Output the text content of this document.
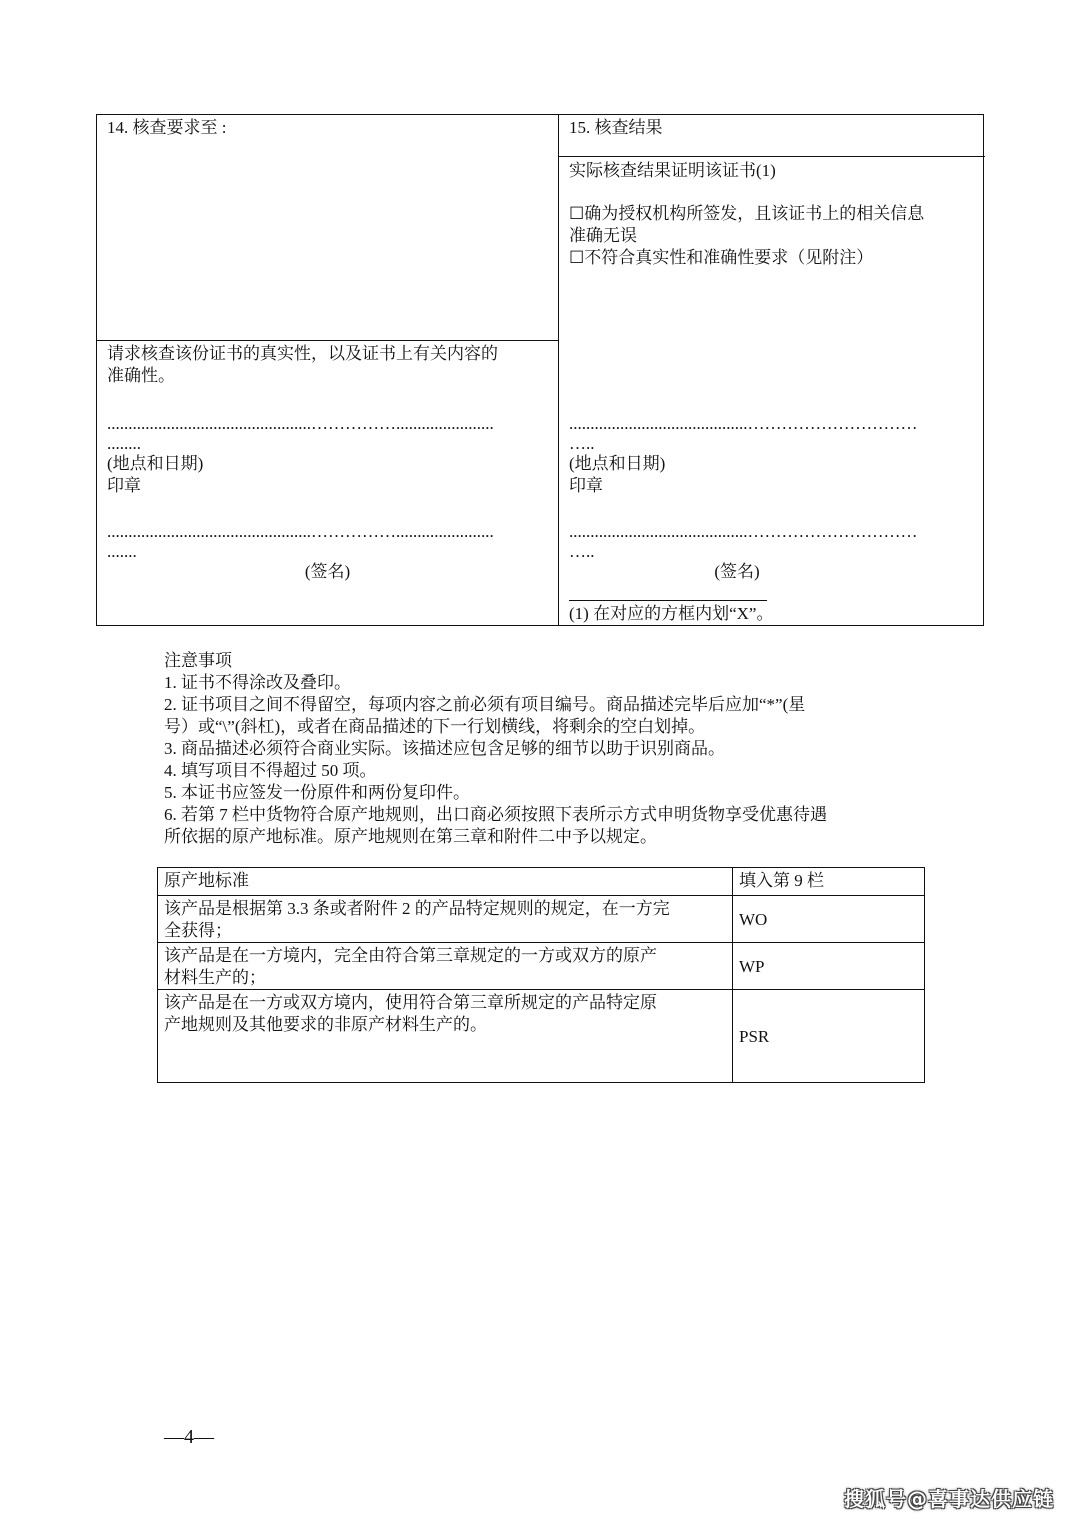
14. 核查要求至 :
请求核查该份证书的真实性，以及证书上有关内容的
准确性。
................................................…………….......................
........
(地点和日期)
印章
................................................…………….......................
.......
(签名)
15. 核查结果
实际核查结果证明该证书(1)
☐确为授权机构所签发，且该证书上的相关信息
准确无误
☐不符合真实性和准确性要求（见附注）
..........................................…………………………
…..
(地点和日期)
印章
..........................................…………………………
…..
(签名)
(1) 在对应的方框内划“X”。
注意事项
1. 证书不得涂改及叠印。
2. 证书项目之间不得留空，每项内容之前必须有项目编号。商品描述完毕后应加“*”(星
号）或“\”(斜杠)，或者在商品描述的下一行划横线，将剩余的空白划掉。
3. 商品描述必须符合商业实际。该描述应包含足够的细节以助于识别商品。
4. 填写项目不得超过 50 项。
5. 本证书应签发一份原件和两份复印件。
6. 若第 7 栏中货物符合原产地规则，出口商必须按照下表所示方式申明货物享受优惠待遇
所依据的原产地标准。原产地规则在第三章和附件二中予以规定。
原产地标准	填入第 9 栏

该产品是根据第 3.3 条或者附件 2 的产品特定规则的规定，在一方完
全获得；	WO

该产品是在一方境内，完全由符合第三章规定的一方或双方的原产
材料生产的；	WP

该产品是在一方或双方境内，使用符合第三章所规定的产品特定原
产地规则及其他要求的非原产材料生产的。	PSR
—4—
搜狐号@喜事达供应链
